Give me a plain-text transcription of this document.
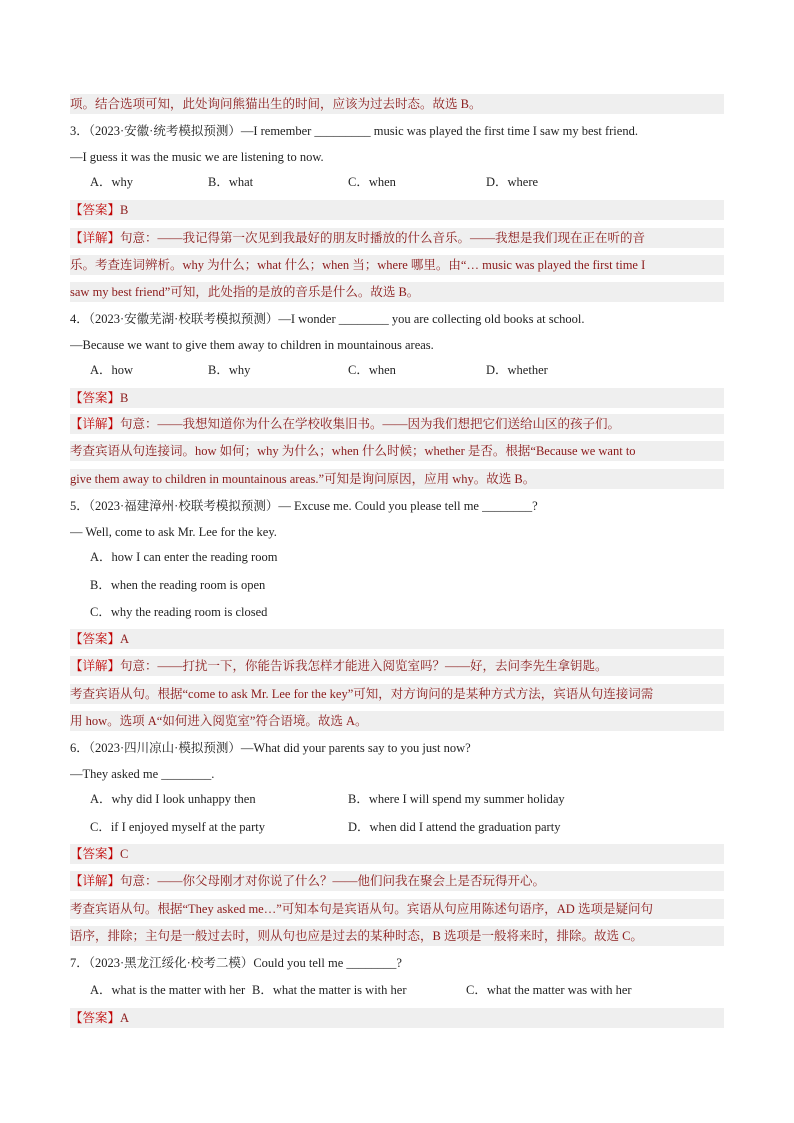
项。结合选项可知，此处询问熊猫出生的时间，应该为过去时态。故选 B。
3．（2023·安徽·统考模拟预测）—I remember _________ music was played the first time I saw my best friend.
—I guess it was the music we are listening to now.
A．why	B．what	C．when	D．where
【答案】B
【详解】句意：——我记得第一次见到我最好的朋友时播放的什么音乐。——我想是我们现在正在听的音
乐。考查连词辨析。why 为什么；what 什么；when 当；where 哪里。由“… music was played the first time I
saw my best friend”可知，此处指的是放的音乐是什么。故选 B。
4．（2023·安徽芜湖·校联考模拟预测）—I wonder ________ you are collecting old books at school.
—Because we want to give them away to children in mountainous areas.
A．how	B．why	C．when	D．whether
【答案】B
【详解】句意：——我想知道你为什么在学校收集旧书。——因为我们想把它们送给山区的孩子们。
考查宾语从句连接词。how 如何；why 为什么；when 什么时候；whether 是否。根据“Because we want to
give them away to children in mountainous areas.”可知是询问原因，应用 why。故选 B。
5．（2023·福建漳州·校联考模拟预测）— Excuse me. Could you please tell me ________?
— Well, come to ask Mr. Lee for the key.
A．how I can enter the reading room
B．when the reading room is open
C．why the reading room is closed
【答案】A
【详解】句意：——打扰一下，你能告诉我怎样才能进入阅览室吗？——好，去问李先生拿钥匙。
考查宾语从句。根据“come to ask Mr. Lee for the key”可知，对方询问的是某种方式方法，宾语从句连接词需
用 how。选项 A“如何进入阅览室”符合语境。故选 A。
6．（2023·四川凉山·模拟预测）—What did your parents say to you just now?
—They asked me ________.
A．why did I look unhappy then	B．where I will spend my summer holiday
C．if I enjoyed myself at the party	D．when did I attend the graduation party
【答案】C
【详解】句意：——你父母刚才对你说了什么？——他们问我在聚会上是否玩得开心。
考查宾语从句。根据“They asked me…”可知本句是宾语从句。宾语从句应用陈述句语序，AD 选项是疑问句
语序，排除；主句是一般过去时，则从句也应是过去的某种时态，B 选项是一般将来时，排除。故选 C。
7．（2023·黑龙江绥化·校考二模）Could you tell me ________?
A．what is the matter with her B．what the matter is with her	C．what the matter was with her
【答案】A
